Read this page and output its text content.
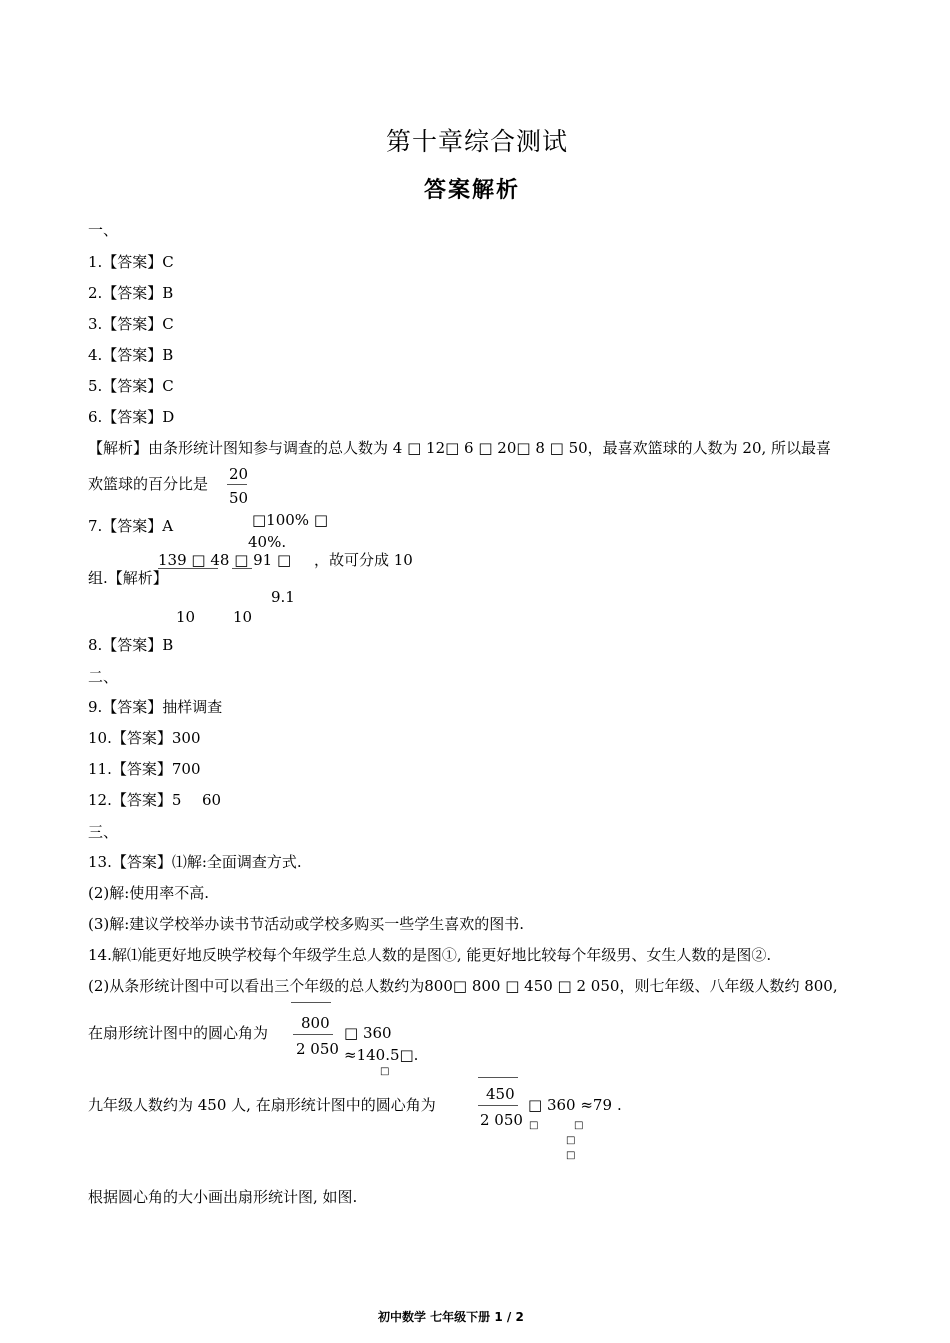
第十章综合测试
答案解析
一、
1.【答案】C
2.【答案】B
3.【答案】C
4.【答案】B
5.【答案】C
6.【答案】D
【解析】由条形统计图知参与调查的总人数为 4 □ 12□ 6 □ 20□ 8 □ 50，最喜欢篮球的人数为 20, 所以最喜
欢篮球的百分比是
20
50
□100% □
40%.
7.【答案】A
139 □ 48 □ 91 □ ，故可分成 10
组.【解析】
9.1
10	10
8.【答案】B
二、
9.【答案】抽样调查
10.【答案】300
11.【答案】700
12.【答案】5 60
三、
13.【答案】⑴解:全面调查方式.
(2)解:使用率不高.
(3)解:建议学校举办读书节活动或学校多购买一些学生喜欢的图书.
14.解⑴能更好地反映学校每个年级学生总人数的是图①, 能更好地比较每个年级男、女生人数的是图②.
(2)从条形统计图中可以看出三个年级的总人数约为800□ 800 □ 450 □ 2 050，则七年级、八年级人数约 800,
在扇形统计图中的圆心角为
800
2 050
□ 360
≈140.5□.
□
九年级人数约为 450 人, 在扇形统计图中的圆心角为
450
2 050
□ 360 ≈79 .
□	□
□
□
根据圆心角的大小画出扇形统计图, 如图.
初中数学 七年级下册 1 / 2
